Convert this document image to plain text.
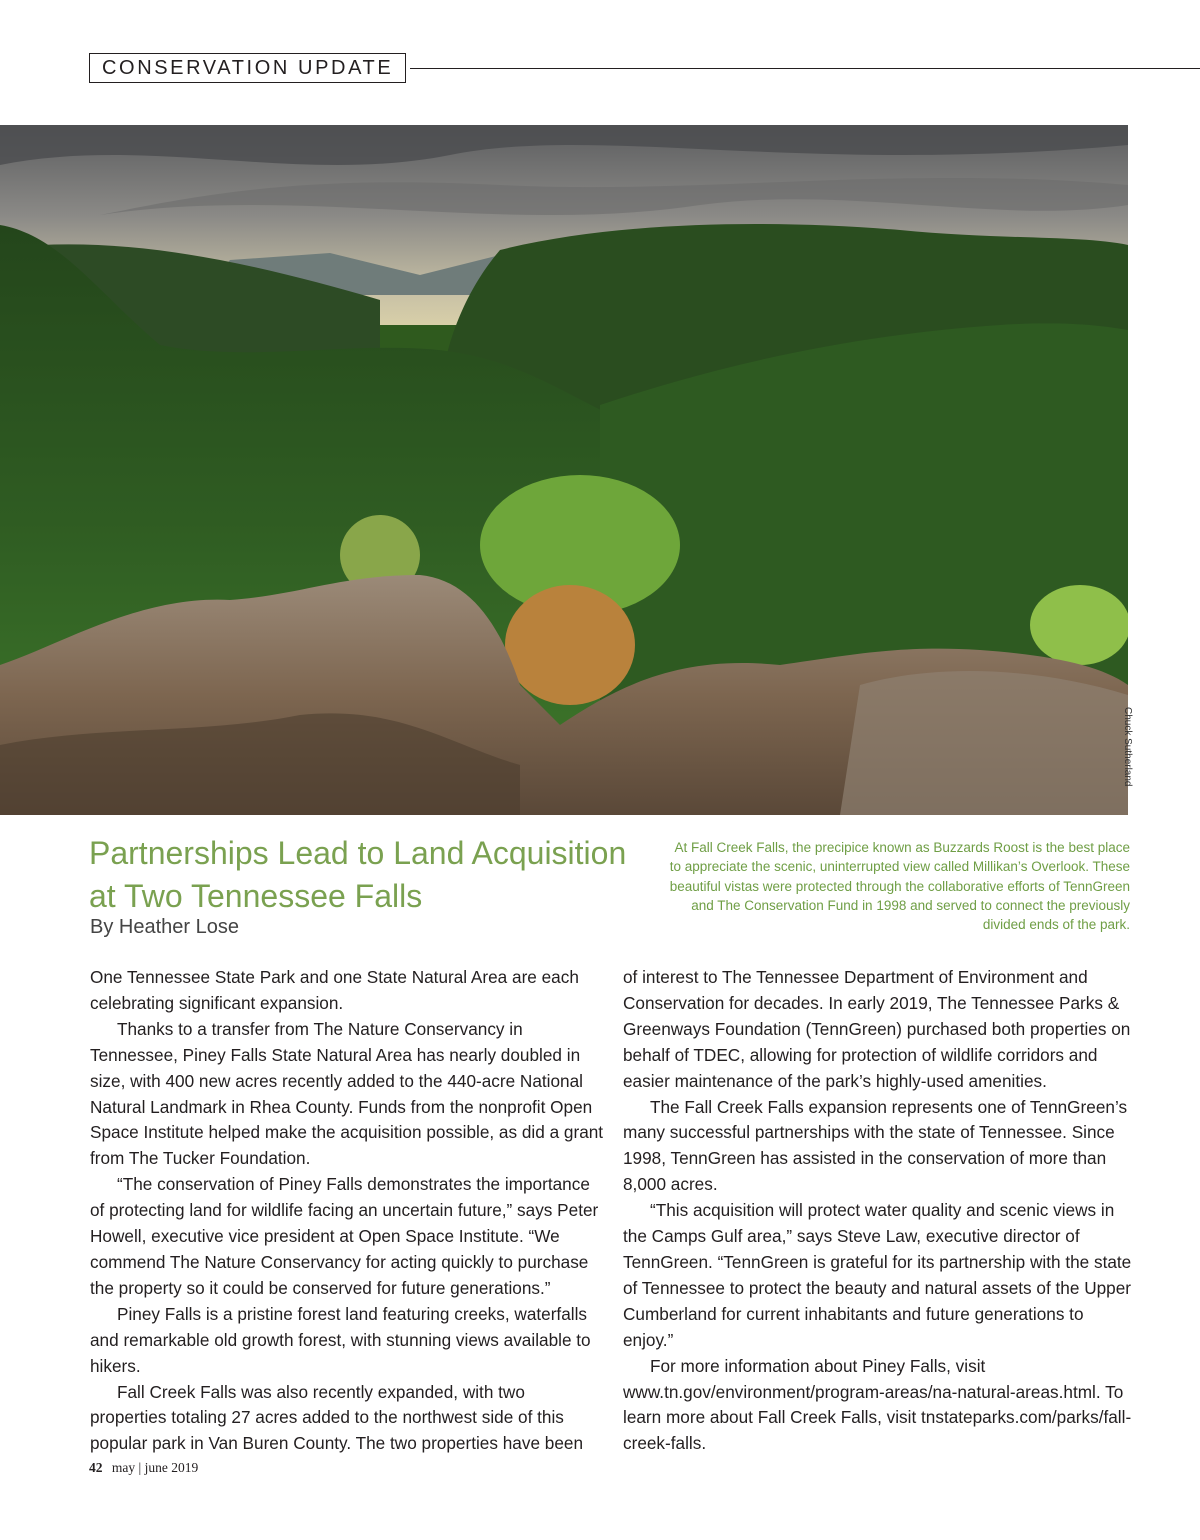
CONSERVATION UPDATE
Chuck Sutherland
Partnerships Lead to Land Acquisition at Two Tennessee Falls
By Heather Lose
At Fall Creek Falls, the precipice known as Buzzards Roost is the best place to appreciate the scenic, uninterrupted view called Millikan’s Overlook. These beautiful vistas were protected through the collaborative efforts of TennGreen and The Conservation Fund in 1998 and served to connect the previously divided ends of the park.

One Tennessee State Park and one State Natural Area are each celebrating significant expansion.

Thanks to a transfer from The Nature Conservancy in Tennessee, Piney Falls State Natural Area has nearly doubled in size, with 400 new acres recently added to the 440-acre National Natural Landmark in Rhea County. Funds from the nonprofit Open Space Institute helped make the acquisition possible, as did a grant from The Tucker Foundation.

“The conservation of Piney Falls demonstrates the importance of protecting land for wildlife facing an uncertain future,” says Peter Howell, executive vice president at Open Space Institute. “We commend The Nature Conservancy for acting quickly to purchase the property so it could be conserved for future generations.”

Piney Falls is a pristine forest land featuring creeks, waterfalls and remarkable old growth forest, with stunning views available to hikers.

Fall Creek Falls was also recently expanded, with two properties totaling 27 acres added to the northwest side of this popular park in Van Buren County. The two properties have been

of interest to The Tennessee Department of Environment and Conservation for decades. In early 2019, The Tennessee Parks & Greenways Foundation (TennGreen) purchased both properties on behalf of TDEC, allowing for protection of wildlife corridors and easier maintenance of the park’s highly-used amenities.

The Fall Creek Falls expansion represents one of TennGreen’s many successful partnerships with the state of Tennessee. Since 1998, TennGreen has assisted in the conservation of more than 8,000 acres.

“This acquisition will protect water quality and scenic views in the Camps Gulf area,” says Steve Law, executive director of TennGreen. “TennGreen is grateful for its partnership with the state of Tennessee to protect the beauty and natural assets of the Upper Cumberland for current inhabitants and future generations to enjoy.”

For more information about Piney Falls, visit www.tn.gov/environment/program-areas/na-natural-areas.html. To learn more about Fall Creek Falls, visit tnstateparks.com/parks/fall-creek-falls.

42 may | june 2019
